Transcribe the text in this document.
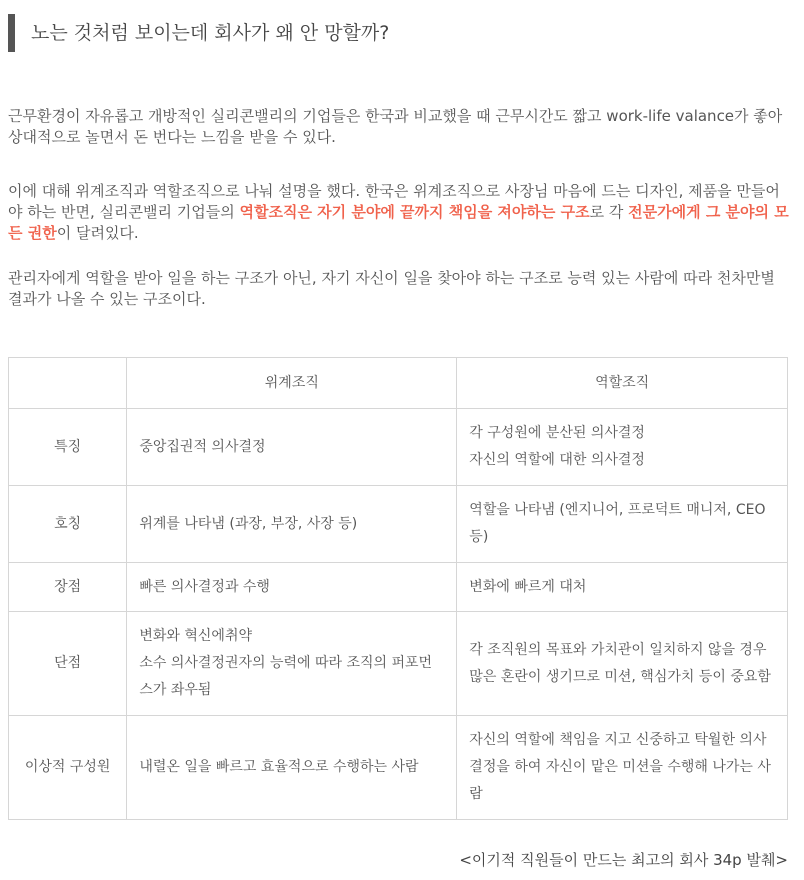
노는 것처럼 보이는데 회사가 왜 안 망할까?

근무환경이 자유롭고 개방적인 실리콘밸리의 기업들은 한국과 비교했을 때 근무시간도 짧고 work-life valance가 좋아 상대적으로 놀면서 돈 번다는 느낌을 받을 수 있다.

이에 대해 위계조직과 역할조직으로 나눠 설명을 했다. 한국은 위계조직으로 사장님 마음에 드는 디자인, 제품을 만들어야 하는 반면, 실리콘밸리 기업들의 역할조직은 자기 분야에 끝까지 책임을 져야하는 구조로 각 전문가에게 그 분야의 모든 권한이 달려있다.

관리자에게 역할을 받아 일을 하는 구조가 아닌, 자기 자신이 일을 찾아야 하는 구조로 능력 있는 사람에 따라 천차만별 결과가 나올 수 있는 구조이다.

	위계조직	역할조직
특징	중앙집권적 의사결정	각 구성원에 분산된 의사결정
자신의 역할에 대한 의사결정

호칭	위계를 나타냄 (과장, 부장, 사장 등)	역할을 나타냄 (엔지니어, 프로덕트 매니저, CEO 등)

장점	빠른 의사결정과 수행	변화에 빠르게 대처

단점	변화와 혁신에취약
소수 의사결정권자의 능력에 따라 조직의 퍼포먼스가 좌우됨	각 조직원의 목표와 가치관이 일치하지 않을 경우 많은 혼란이 생기므로 미션, 핵심가치 등이 중요함

이상적 구성원	내렬온 일을 빠르고 효율적으로 수행하는 사람	자신의 역할에 책임을 지고 신중하고 탁월한 의사결정을 하여 자신이 맡은 미션을 수행해 나가는 사람
<이기적 직원들이 만드는 최고의 회사 34p 발췌>
